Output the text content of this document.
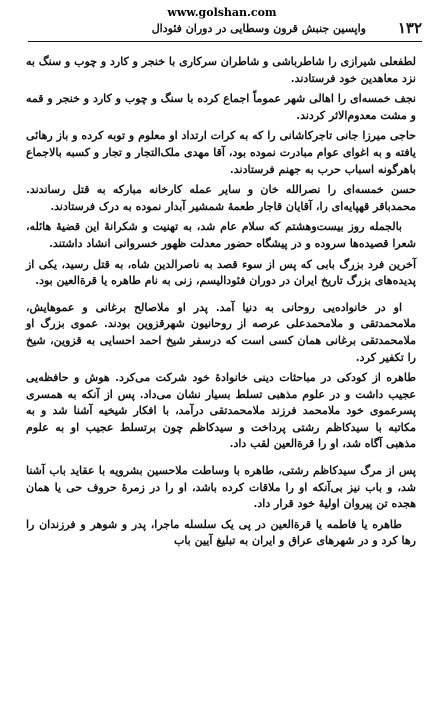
www.golshan.com
۱۳۲
واپسین جنبش قرون وسطایی در دوران فئودال

لطفعلی شیرازی را شاطرباشی و شاطران سرکاری با خنجر و کارد و چوب و سنگ به نزد معاهدین خود فرستادند.

نجف خمسه‌ای را اهالی شهر عموماً اجماع کرده با سنگ و چوب و کارد و خنجر و قمه و مشت معدوم‌الاثر کردند.

حاجی میرزا جانی تاجرکاشانی را که به کرات ارتداد او معلوم و توبه کرده و باز رهائی یافته و به اغوای عوام مبادرت نموده بود، آقا مهدی ملک‌التجار و تجار و کسبه بالاجماع باهرگونه اسباب حرب به جهنم فرستادند.

حسن خمسه‌ای را نصرالله خان و سایر عمله کارخانه مبارکه به قتل رساندند. محمدباقر قهپایه‌ای را، آقایان قاجار طعمهٔ شمشیر آبدار نموده به درک فرستادند.

بالجمله روز بیست‌وهشتم که سلام عام شد، به تهنیت و شکرانهٔ این قضیهٔ هائله، شعرا قصیده‌ها سروده و در پیشگاه حضور معدلت ظهور خسروانی انشاد داشتند.

آخرین فرد بزرگ بابی که پس از سوء قصد به ناصرالدین شاه، به قتل رسید، یکی از پدیده‌های بزرگ تاریخ ایران در دوران فئودالیسم، زنی به نام طاهره یا قرةالعین بود.

او در خانواده‌یی روحانی به دنیا آمد. پدر او ملاصالح برغانی و عموهایش، ملامحمدتقی و ملامحمدعلی عرصه از روحانیون شهرقزوین بودند. عموی بزرگ او ملامحمدتقی برغانی همان کسی است که درسفر شیخ احمد احسایی به قزوین، شیخ را تکفیر کرد.

طاهره از کودکی در مباحثات دینی خانوادهٔ خود شرکت می‌کرد. هوش و حافظه‌یی عجیب داشت و در علوم مذهبی تسلط بسیار نشان می‌داد. پس از آنکه به همسری پسرعموی خود ملامحمد فرزند ملامحمدتقی درآمد، با افکار شیخیه آشنا شد و به مکاتبه با سیدکاظم رشتی پرداخت و سیدکاظم چون برتسلط عجیب او به علوم مذهبی آگاه شد، او را قرةالعین لقب داد.

پس از مرگ سیدکاظم رشتی، طاهره با وساطت ملاحسین بشرویه با عقاید باب آشنا شد، و باب نیز بی‌آنکه او را ملاقات کرده باشد، او را در زمرهٔ حروف حی یا همان هجده تن پیروان اولیهٔ خود قرار داد.

طاهره یا فاطمه یا قرةالعین در پی یک سلسله ماجرا، پدر و شوهر و فرزندان را رها کرد و در شهرهای عراق و ایران به تبلیغ آیین باب
